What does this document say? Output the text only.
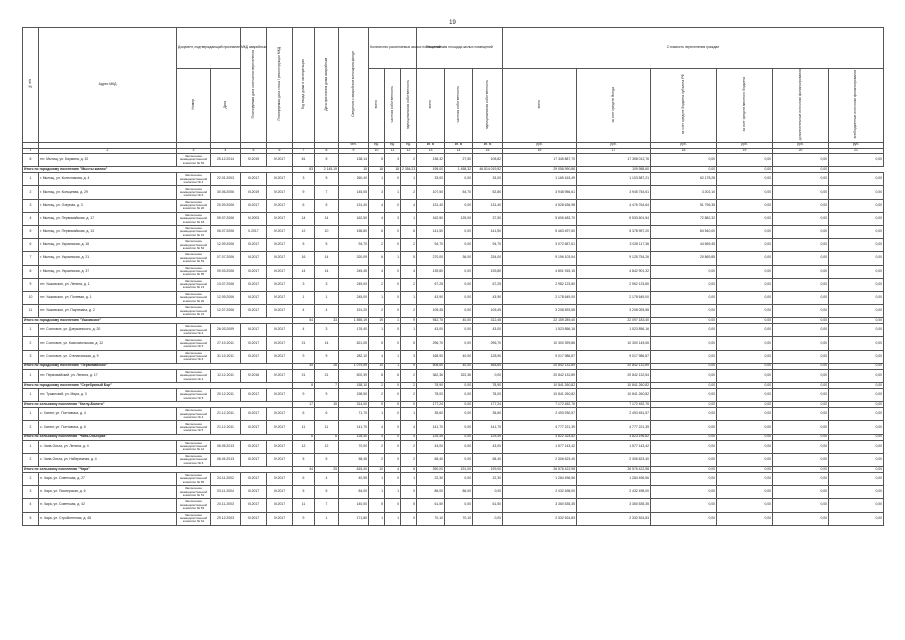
19
№ п/п	Адрес МКД	Документ, подтверждающий признание МКД аварийным		Планируемая дата окончания переселения	Планируемая дата сноса / реконструкции МКД	Год ввода дома в эксплуатацию	Дата признания дома аварийным	Сведения о аварийном жилищном фонде	Количество расселяемых жилых помещений			Расселяемая площадь жилых помещений			Стоимость переселения граждан					
		Номер	Дата						всего	частная собственность	муниципальная собственность	всего	частная собственность	муниципальная собственность	всего	за счет средств Фонда	за счет средств бюджета субъекта РФ	за счет средств местного бюджета	дополнительные источники финансирования	внебюджетные источники финансирования
								чел.	ед.	ед.	ед.	кв. м	кв. м	кв. м	руб.	руб.	руб.	руб.	руб.	руб.
1	2	3	4	5	6	7	8	9	10	11	12	13	14	15	16	17	18	19	20	21
8	пгт. Мытищ, ул. Баумана, д. 32	Заключение межведомственной комиссии № 52	25.12.2014	IV.2019	IV.2017	61	5	138,14	5	3	2	136,32	27,50	108,82	17 345 887,70	17 358 012,76	0,00	0,00	0,00	0,00
Итого по городскому поселению "Мысты жилом"						83	2 145,19	15	18	18	2 354,23	195,00	1 458,32	46 814 019,52	29 058 990,86	109 958,60	0,00	0,00	0,00	
1	г. Мытищ, ул. Колесникова, д. 4	Заключение межведомственной комиссии № 4	22.01.2003	III.2017	III.2017	3	5	260,40	1	0	1	33,00	0,00	33,00	1 165 163,49	1 103 587,21	62 178,28	0,00	0,00	0,00
2	г. Мытищ, ул. Кольцевая, д. 29	Заключение межведомственной комиссии № 6	30.06.2006	III.2019	IV.2017	9	7	145,05	3	1	2	107,50	54,70	52,80	3 948 956,61	3 945 754,51	3 202,10	0,00	0,00	0,00
3	г. Мытищ, ул. Озерная, д. 3	Заключение межведомственной комиссии № 20	20.09.2006	III.2017	IV.2017	6	5	131,40	4	0	4	131,40	0,00	131,40	4 528 636,98	4 476 764,64	51 796,35	0,00	0,00	0,00
4	г. Мытищ, ул. Первомайская, д. 17	Заключение межведомственной комиссии № 18	09.07.2006	IV.2003	IV.2017	14	14	162,50	4	3	1	162,50	125,00	37,50	5 606 483,70	5 533 601,54	72 882,32	0,00	0,00	0,00
5	г. Мытищ, ул. Первомайская, д. 13	Заключение межведомственной комиссии № 10	06.07.2006	II.2017	IV.2017	12	10	158,80	6	0	6	141,50	0,00	141,50	5 463 497,60	5 378 957,20	84 540,00	0,00	0,00	0,00
6	г. Мытищ, ул. Украинская, д. 16	Заключение межведомственной комиссии № 52	12.09.2006	III.2017	III.2017	5	5	94,70	2	0	2	94,70	0,00	94,70	3 072 687,61	3 028 117,36	44 569,45	0,00	0,00	0,00
7	г. Мытищ, ул. Украинская, д. 21	Заключение межведомственной комиссии № 53	07.07.2006	III.2017	III.2017	16	14	320,09	6	1	5	270,00	36,00	234,00	9 196 103,94	9 125 754,26	20 869,85	0,00	0,00	0,00
8	г. Мытищ, ул. Украинская, д. 37	Заключение межведомственной комиссии № 55	09.03.2006	III.2017	III.2017	14	14	245,45	4	0	4	139,80	0,00	139,80	4 801 915,15	4 842 901,32	0,00	0,00	0,00	0,00
9	пгт. Ушковское, ул. Ленина, д. 1	Заключение межведомственной комиссии № 13	13.07.2006	III.2017	III.2017	3	3	245,00	2	0	2	67,25	0,00	67,25	2 982 123,80	2 962 123,80	0,00	0,00	0,00	0,00
10	пгт. Ушковское, ул. Полевая, д. 1	Заключение межведомственной комиссии № 20	12.09.2006	III.2017	IV.2017	1	1	245,00	1	0	1	43,90	0,00	43,90	2 178 649,00	2 178 649,00	0,00	0,00	0,00	0,00
11	пгт. Ушковское, ул. Партизана, д. 2	Заключение межведомственной комиссии № 21	12.07.2006	III.2017	III.2017	4	4	191,20	2	0	2	105,45	0,00	105,45	3 208 593,58	3 208 093,58	0,00	0,00	0,00	0,00
Итого по городскому поселению "Ушковское"						54	33	1 555,19	19	1	9	942,70	40,00	312,45	22 159 289,40	22 097 183,40	0,00	0,00	0,00	0,00
1	пгт. Сосновое, ул. Дзержинского, д. 20	Заключение межведомственной комиссии № 4	26.03.2009	III.2017	III.2017	4	3	176,40	1	0	1	43,00	0,00	43,00	1 523 856,16	1 523 856,16	0,00	0,00	0,00	0,00
2	пгт. Сосновое, ул. Комсомольская, д. 12	Заключение межведомственной комиссии № 5	27.10.2011	III.2017	III.2017	21	14	621,05	5	0	5	296,70	0,00	296,70	10 300 399,86	10 300 145,06	0,00	0,00	0,00	0,00
3	пгт. Сосновое, ул. Степановская, д. 9	Заключение межведомственной комиссии № 6	31.10.2011	III.2017	III.2017	9	9	282,10	4	1	3	168,90	40,00	128,90	9 017 986,87	9 017 986,87	0,00	0,00	0,00	0,00
Итого по городскому поселению "Первомайское"						35	26	1 079,55	10	1	9	508,60	40,00	468,60	20 842 132,89	20 842 132,89	0,00	0,00	0,00	0,00
1	пгт. Первомайский, ул. Ленина, д. 17	Заключение межведомственной комиссии № 2	12.12.2011	IV.2016	IV.2017	21	21	502,39	8	6	2	362,36	322,36	0,00	20 842 132,89	20 842 132,54	0,00	0,00	0,00	0,00
Итого по городскому поселению "Серебряный Бор"						8	7	158,10	2	0	2	78,90	0,00	78,90	10 841 260,82	10 841 260,82	0,00	0,00	0,00	0,00
1	пгт. Тушинский, ул. Мира, д. 3	Заключение межведомственной комиссии № 5	20.12.2011	III.2017	III.2017	9	9	198,50	2	0	2	78,00	0,00	78,00	10 841 260,82	10 841 260,82	0,00	0,00	0,00	0,00
Итого по сельскому поселению "Котлу-Болото"						17	15	314,00	5	5	0	177,24	0,00	177,24	7 172 452,76	7 172 452,76	0,00	0,00	0,00	0,00
1	с. Хатинг, ул. Полтавича, д. 4	Заключение межведомственной комиссии № 4	21.12.2011	III.2017	III.2017	6	6	71,70	1	0	1	35,60	0,00	35,60	2 493 930,57	2 493 451,57	0,00	0,00	0,00	0,00
2	с. Хатинг, ул. Полтавича, д. 6	Заключение межведомственной комиссии № 5	21.12.2011	III.2017	IV.2017	11	11	141,70	4	0	4	141,70	0,00	141,70	4 777 221,39	4 777 221,39	0,00	0,00	0,00	0,00
Итого по сельскому поселению "Чапа-Ольгорка"						6	6	128,40	4	0	4	125,49	0,00	125,49	3 822 324,82	3 823 196,82	0,00	0,00	0,00	0,00
1	с. Чапа-Ольга, ул. Ленина, д. 4	Заключение межведомственной комиссии № 12	06.05.2013	III.2017	IV.2017	12	12	70,00	2	0	2	43,00	0,00	43,00	1 577 143,42	1 577 143,42	0,00	0,00	0,00	0,00
2	с. Чапа-Ольга, ул. Набережная, д. 4	Заключение межведомственной комиссии № 6	06.04.2013	III.2017	IV.2017	5	5	58,45	2	0	2	68,40	0,00	68,40	2 306 623,40	2 306 623,40	0,00	0,00	0,00	0,00
Итого по сельскому поселению "Чара"						34	25	615,40	10	4	6	390,00	191,00	199,00	26 576 422,98	26 576 422,98	0,00	0,00	0,00	0,00
2	п. Чара, ул. Советская, д. 27	Заключение межведомственной комиссии № 65	24.11.2002	III.2017	IV.2017	6	4	40,95	1	0	1	22,30	0,00	22,30	1 284 496,56	1 284 496,56	0,00	0,00	0,00	0,00
3	п. Чара, ул. Пионерская, д. 6	Заключение межведомственной комиссии № 51	03.11.2004	III.2017	III.2017	5	5	84,00	1	1	0	86,00	86,00	0,00	2 432 498,00	2 432 498,00	0,00	0,00	0,00	0,00
4	п. Чара, ул. Советская, д. 42	Заключение межведомственной комиссии № 53	24.11.2003	III.2017	III.2017	11	7	140,00	5	0	5	61,50	0,00	61,50	3 360 535,35	3 360 535,35	0,00	0,00	0,00	0,00
5	п. Чара, ул. Стройитенная, д. 48	Заключение межведомственной комиссии № 61	29.12.2003	IV.2017	IV.2017	9	1	171,80	1	1	0	70,10	70,10	0,00	2 332 524,83	2 332 524,83	0,00	0,00	0,00	0,00
